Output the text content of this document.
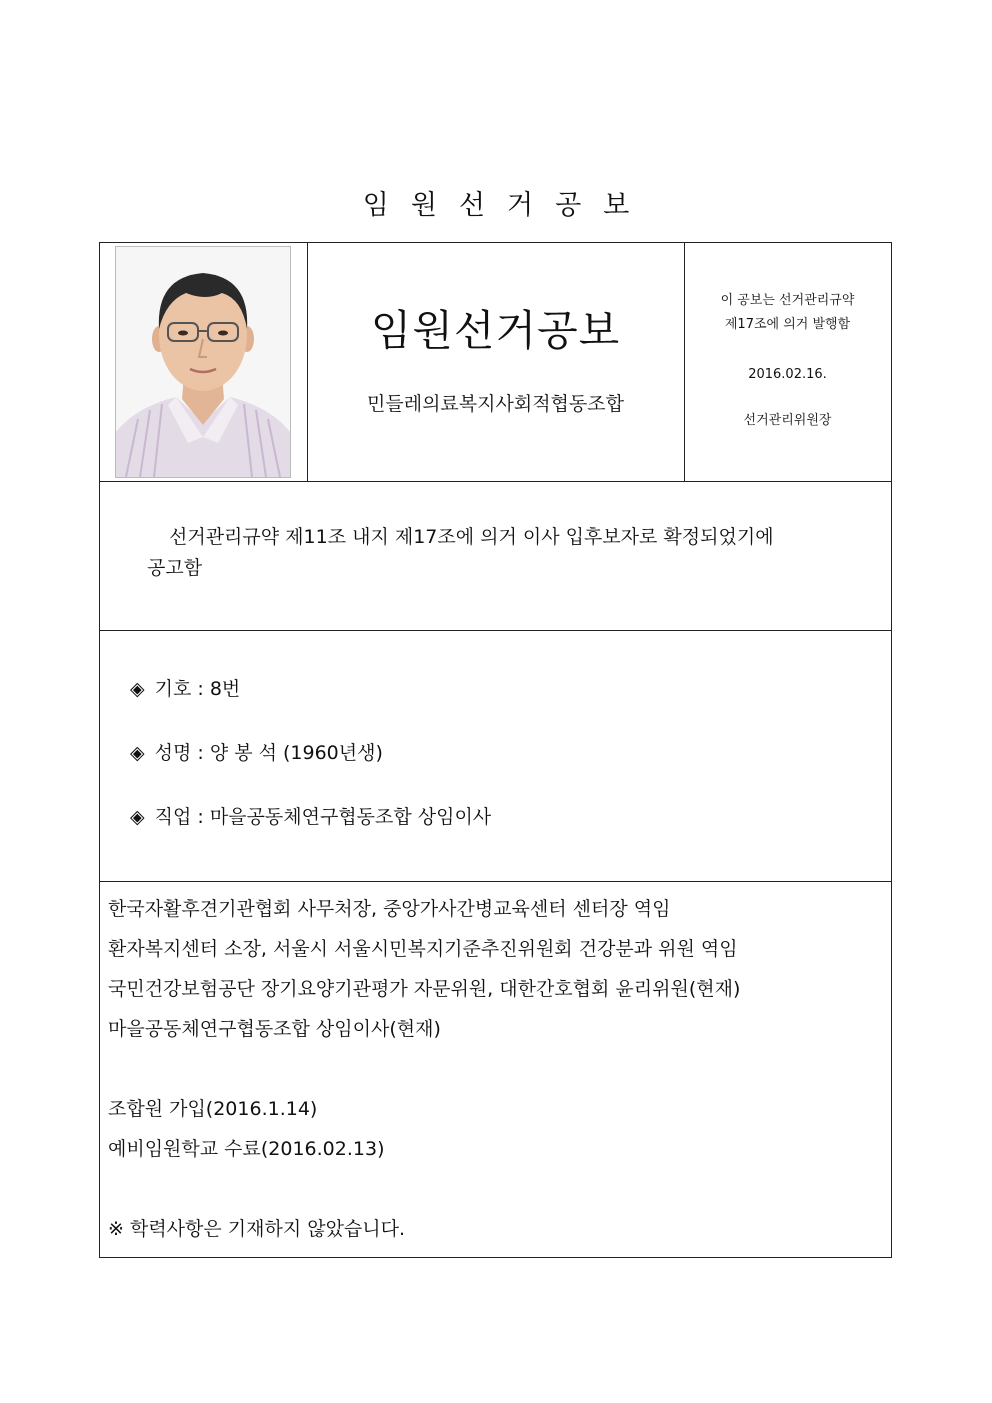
임원선거공보
임원선거공보
민들레의료복지사회적협동조합
이 공보는 선거관리규약
제17조에 의거 발행함
2016.02.16.
선거관리위원장
선거관리규약 제11조 내지 제17조에 의거 이사 입후보자로 확정되었기에
공고함
◈ 기호 : 8번
◈ 성명 : 양 봉 석 (1960년생)
◈ 직업 : 마을공동체연구협동조합 상임이사
한국자활후견기관협회 사무처장, 중앙가사간병교육센터 센터장 역임
환자복지센터 소장, 서울시 서울시민복지기준추진위원회 건강분과 위원 역임
국민건강보험공단 장기요양기관평가 자문위원, 대한간호협회 윤리위원(현재)
마을공동체연구협동조합 상임이사(현재)
조합원 가입(2016.1.14)
예비임원학교 수료(2016.02.13)
※ 학력사항은 기재하지 않았습니다.
